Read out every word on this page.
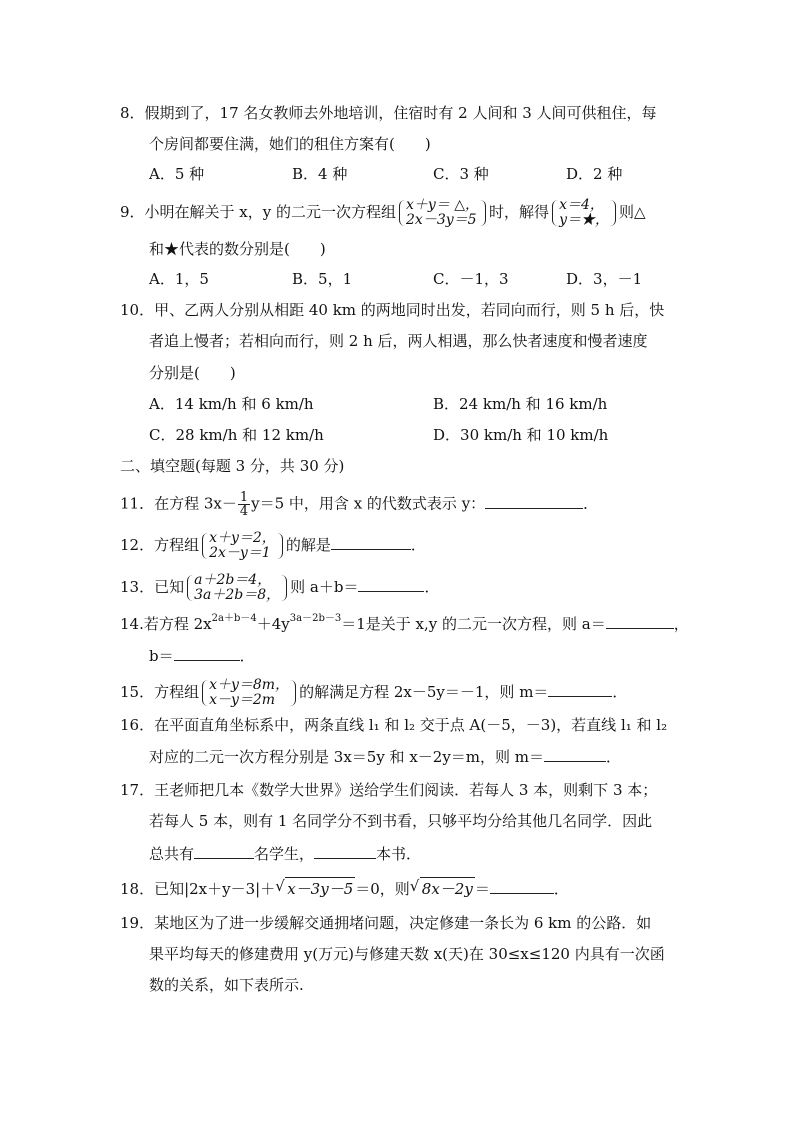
8．假期到了，17 名女教师去外地培训，住宿时有 2 人间和 3 人间可供租住，每
个房间都要住满，她们的租住方案有(　　)
A．5 种	B．4 种	C．3 种	D．2 种
9．小明在解关于 x，y 的二元一次方程组 x＋y＝ △，
2x－3y＝5 时，解得 x＝4，
y＝★， 则△
和★代表的数分别是(　　)
A．1，5	B．5，1	C．－1，3	D．3，－1
10．甲、乙两人分别从相距 40 km 的两地同时出发，若同向而行，则 5 h 后，快
者追上慢者；若相向而行，则 2 h 后，两人相遇，那么快者速度和慢者速度
分别是(　　)
A．14 km/h 和 6 km/h	B．24 km/h 和 16 km/h
C．28 km/h 和 12 km/h	D．30 km/h 和 10 km/h
二、填空题(每题 3 分，共 30 分)
11．在方程 $3x- \frac{1}{4} y=5$ 中，用含 x 的代数式表示 y：	．
12．方程组 x＋y＝2，
2x－y＝1	的解是	．
13．已知 a＋2b＝4，
3a＋2b＝8， 则 a＋b＝	．
14.若方程 $2x^{2a+b-4}+4y^{3a-2b-3}=1$是关于 x,y 的二元一次方程，则 a＝	，
b＝	．
15．方程组 x＋y＝8m，
x－y＝2m	的解满足方程 2x－5y＝－1，则 m＝	．
16．在平面直角坐标系中，两条直线 l₁ 和 l₂ 交于点 A(－5，－3)，若直线 l₁ 和 l₂
对应的二元一次方程分别是 3x＝5y 和 x－2y＝m，则 m＝	．
17．王老师把几本《数学大世界》送给学生们阅读．若每人 3 本，则剩下 3 本；
若每人 5 本，则有 1 名同学分不到书看，只够平均分给其他几名同学．因此
总共有	名学生，	本书．
18．已知|2x＋y－3|＋ √ x－3y－5 ＝0，则 √ 8x－2y ＝	．
19．某地区为了进一步缓解交通拥堵问题，决定修建一条长为 6 km 的公路．如
果平均每天的修建费用 y(万元)与修建天数 x(天)在 30≤x≤120 内具有一次函
数的关系，如下表所示.
